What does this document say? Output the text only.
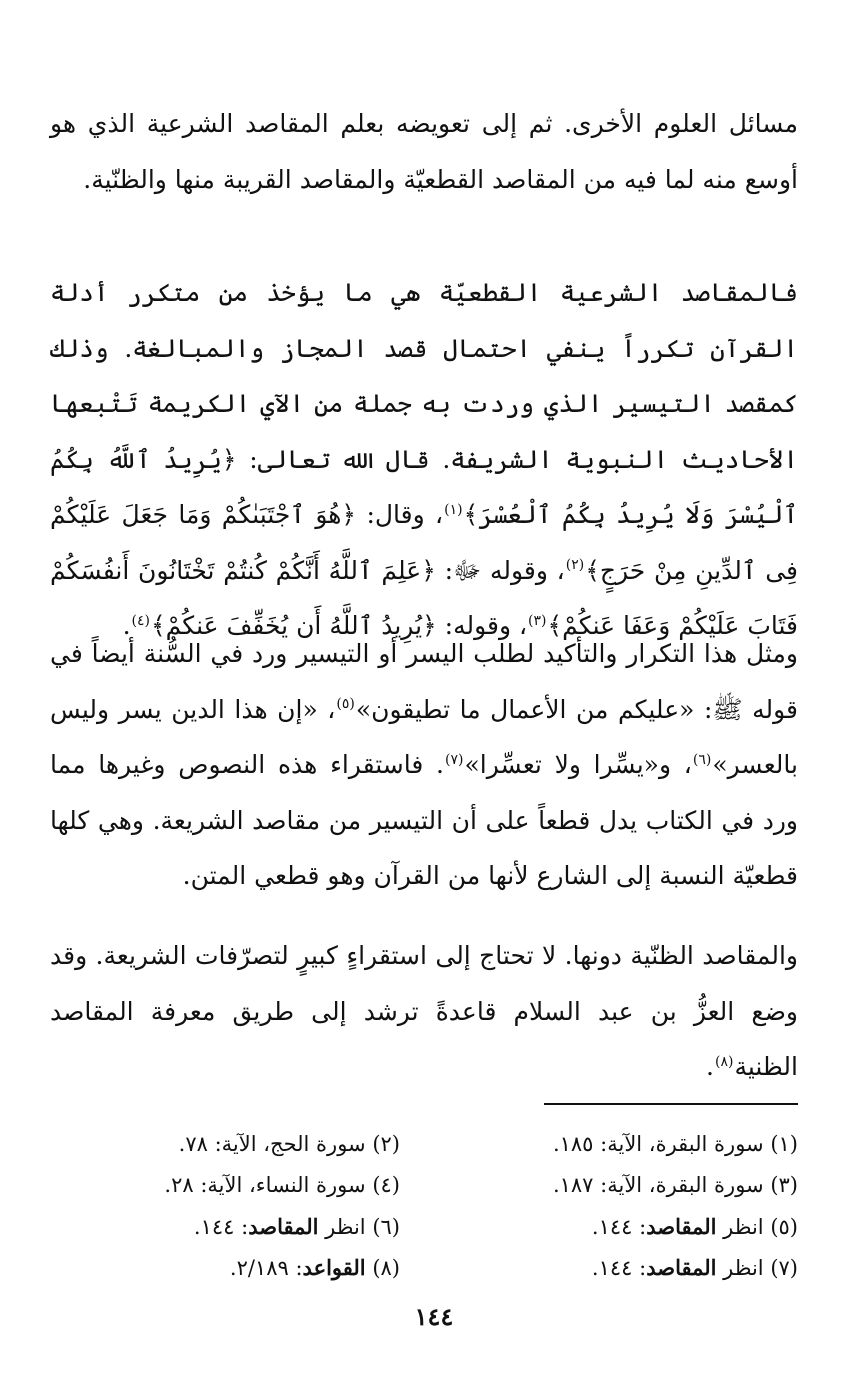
مسائل العلوم الأخرى. ثم إلى تعويضه بعلم المقاصد الشرعية الذي هو أوسع منه لما فيه من المقاصد القطعيّة والمقاصد القريبة منها والظنّية.

فالمقاصد الشرعية القطعيّة هي ما يؤخذ من متكرر أدلة القرآن تكرراً ينفي احتمال قصد المجاز والمبالغة. وذلك كمقصد التيسير الذي وردت به جملة من الآي الكريمة تَتْبعها الأحاديث النبوية الشريفة. قال الله تعالى: ﴿يُرِيدُ ٱللَّهُ بِكُمُ ٱلْيُسْرَ وَلَا يُرِيدُ بِكُمُ ٱلْعُسْرَ﴾$^{(١)}$، وقال: ﴿هُوَ ٱجْتَبَىٰكُمْ وَمَا جَعَلَ عَلَيْكُمْ فِى ٱلدِّينِ مِنْ حَرَجٍ﴾$^{(٢)}$، وقوله ﷻ: ﴿عَلِمَ ٱللَّهُ أَنَّكُمْ كُنتُمْ تَخْتَانُونَ أَنفُسَكُمْ فَتَابَ عَلَيْكُمْ وَعَفَا عَنكُمْ﴾$^{(٣)}$، وقوله: ﴿يُرِيدُ ٱللَّهُ أَن يُخَفِّفَ عَنكُمْ﴾$^{(٤)}$.

ومثل هذا التكرار والتأكيد لطلب اليسر أو التيسير ورد في السُّنة أيضاً في قوله ﷺ: «عليكم من الأعمال ما تطيقون»$^{(٥)}$، «إن هذا الدين يسر وليس بالعسر»$^{(٦)}$، و«يسِّرا ولا تعسِّرا»$^{(٧)}$. فاستقراء هذه النصوص وغيرها مما ورد في الكتاب يدل قطعاً على أن التيسير من مقاصد الشريعة. وهي كلها قطعيّة النسبة إلى الشارع لأنها من القرآن وهو قطعي المتن.

والمقاصد الظنّية دونها. لا تحتاج إلى استقراءٍ كبيرٍ لتصرّفات الشريعة. وقد وضع العزُّ بن عبد السلام قاعدةً ترشد إلى طريق معرفة المقاصد الظنية$^{(٨)}$.

(١) سورة البقرة، الآية: ١٨٥.
(٢) سورة الحج، الآية: ٧٨.
(٣) سورة البقرة، الآية: ١٨٧.
(٤) سورة النساء، الآية: ٢٨.
(٥) انظر المقاصد: ١٤٤.
(٦) انظر المقاصد: ١٤٤.
(٧) انظر المقاصد: ١٤٤.
(٨) القواعد: ٢/١٨٩.
١٤٤
